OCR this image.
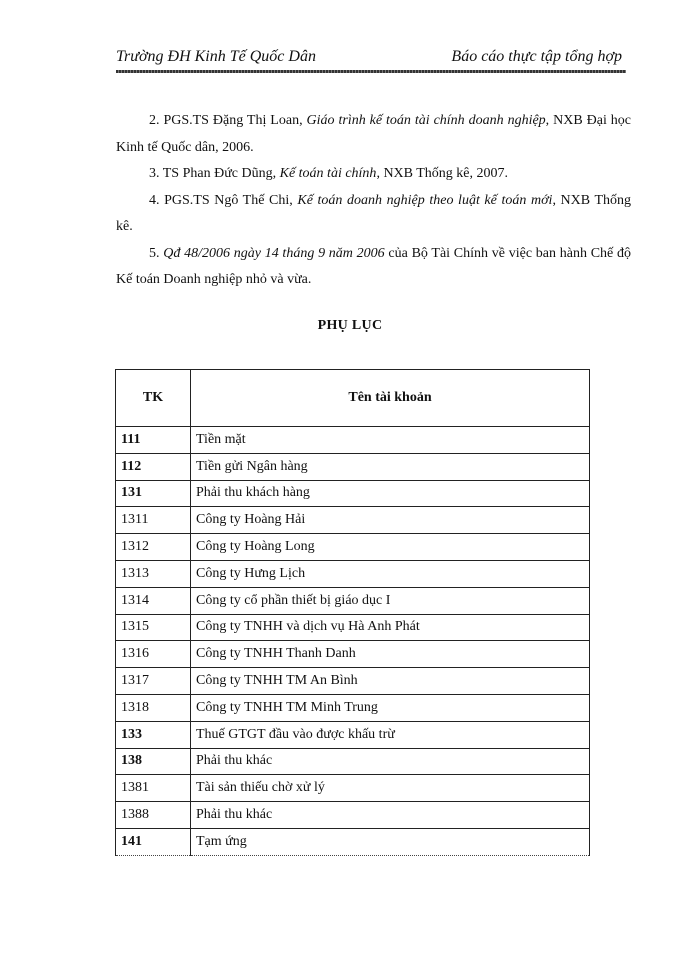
Trường ĐH Kinh Tế Quốc Dân	Báo cáo thực tập tổng hợp

2. PGS.TS Đặng Thị Loan, Giáo trình kế toán tài chính doanh nghiệp, NXB Đại học Kinh tế Quốc dân, 2006.

3. TS Phan Đức Dũng, Kế toán tài chính, NXB Thống kê, 2007.

4. PGS.TS Ngô Thế Chi, Kế toán doanh nghiệp theo luật kế toán mới, NXB Thống kê.

5. Qđ 48/2006 ngày 14 tháng 9 năm 2006 của Bộ Tài Chính về việc ban hành Chế độ Kế toán Doanh nghiệp nhỏ và vừa.

PHỤ LỤC
TK	Tên tài khoản
111	Tiền mặt
112	Tiền gửi Ngân hàng
131	Phải thu khách hàng
1311	Công ty Hoàng Hải
1312	Công ty Hoàng Long
1313	Công ty Hưng Lịch
1314	Công ty cổ phần thiết bị giáo dục I
1315	Công ty TNHH và dịch vụ Hà Anh Phát
1316	Công ty TNHH Thanh Danh
1317	Công ty TNHH TM An Bình
1318	Công ty TNHH TM Minh Trung
133	Thuế GTGT đầu vào được khấu trừ
138	Phải thu khác
1381	Tài sản thiếu chờ xử lý
1388	Phải thu khác
141	Tạm ứng
